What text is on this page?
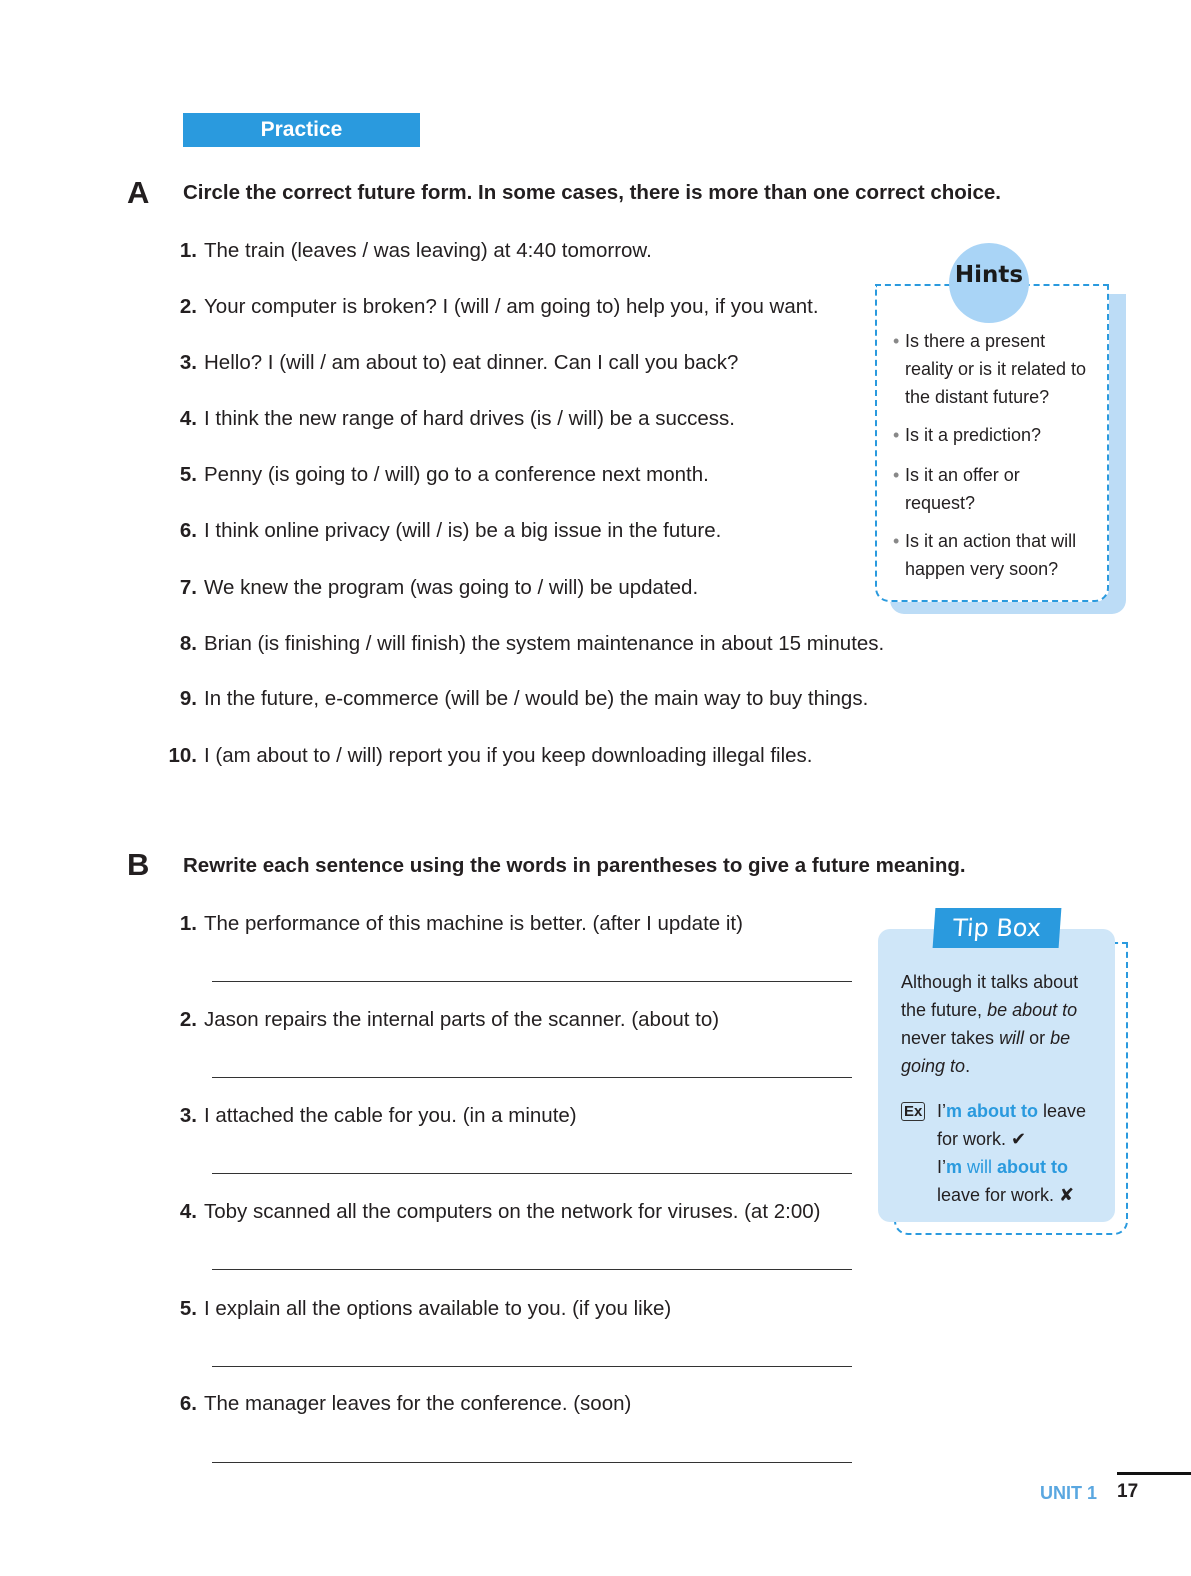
Practice
A Circle the correct future form. In some cases, there is more than one correct choice.
1. The train (leaves / was leaving) at 4:40 tomorrow.
2. Your computer is broken? I (will / am going to) help you, if you want.
3. Hello? I (will / am about to) eat dinner. Can I call you back?
4. I think the new range of hard drives (is / will) be a success.
5. Penny (is going to / will) go to a conference next month.
6. I think online privacy (will / is) be a big issue in the future.
7. We knew the program (was going to / will) be updated.
8. Brian (is finishing / will finish) the system maintenance in about 15 minutes.
9. In the future, e-commerce (will be / would be) the main way to buy things.
10. I (am about to / will) report you if you keep downloading illegal files.
Hints
• Is there a present reality or is it related to the distant future?
• Is it a prediction?
• Is it an offer or request?
• Is it an action that will happen very soon?
B Rewrite each sentence using the words in parentheses to give a future meaning.
1. The performance of this machine is better. (after I update it)
2. Jason repairs the internal parts of the scanner. (about to)
3. I attached the cable for you. (in a minute)
4. Toby scanned all the computers on the network for viruses. (at 2:00)
5. I explain all the options available to you. (if you like)
6. The manager leaves for the conference. (soon)
Tip Box
Although it talks about the future, be about to never takes will or be going to.
Ex I’m about to leave for work. ✔
I’m will about to leave for work. ✘
UNIT 1 17
